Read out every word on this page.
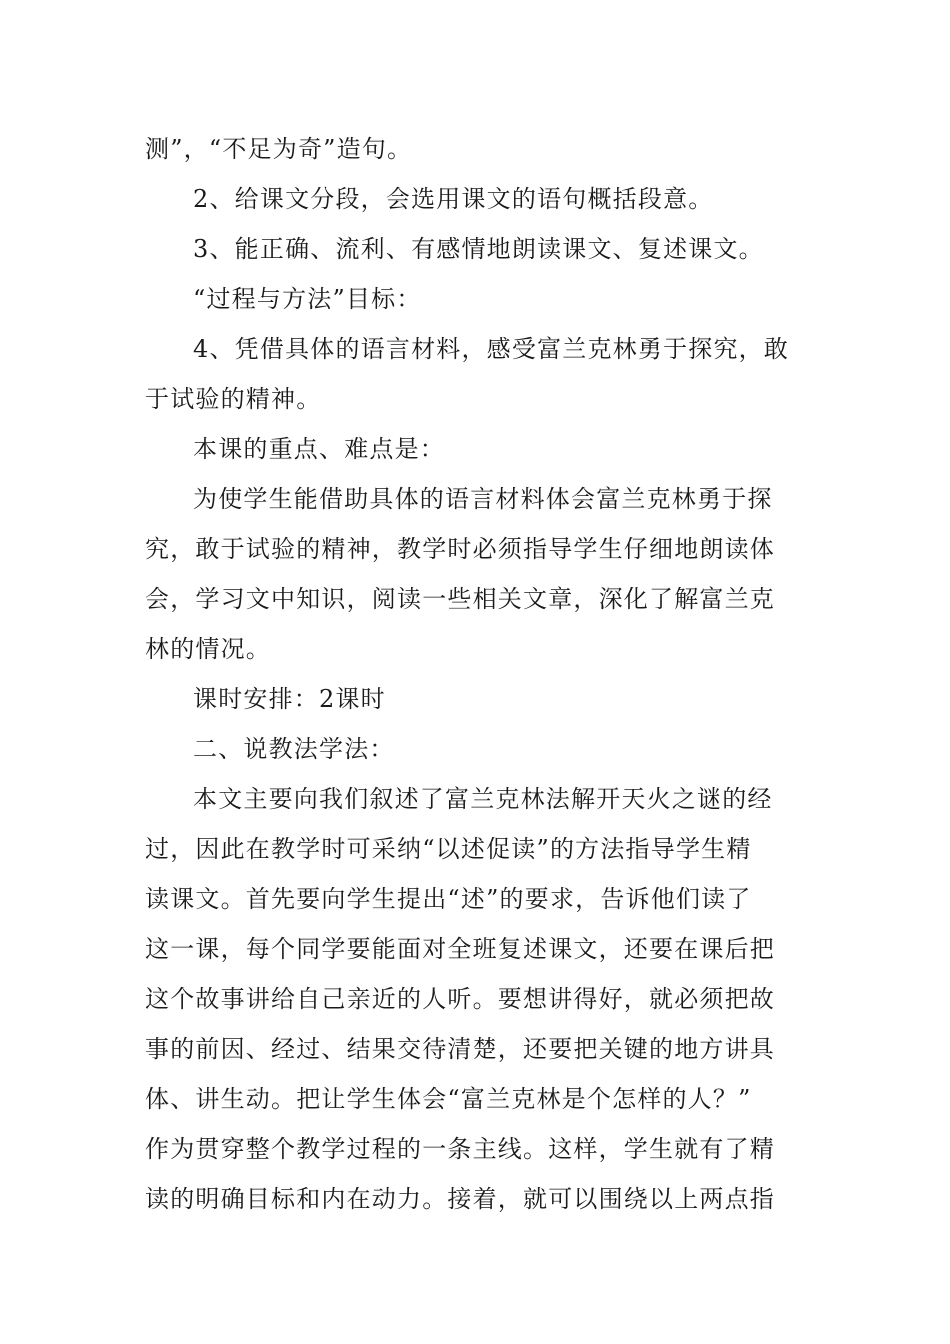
测”，“不足为奇”造句。
2、给课文分段，会选用课文的语句概括段意。
3、能正确、流利、有感情地朗读课文、复述课文。
“过程与方法”目标：
4、凭借具体的语言材料，感受富兰克林勇于探究，敢
于试验的精神。
本课的重点、难点是：
为使学生能借助具体的语言材料体会富兰克林勇于探
究，敢于试验的精神，教学时必须指导学生仔细地朗读体
会，学习文中知识，阅读一些相关文章，深化了解富兰克
林的情况。
课时安排：2课时
二、说教法学法：
本文主要向我们叙述了富兰克林法解开天火之谜的经
过，因此在教学时可采纳“以述促读”的方法指导学生精
读课文。首先要向学生提出“述”的要求，告诉他们读了
这一课，每个同学要能面对全班复述课文，还要在课后把
这个故事讲给自己亲近的人听。要想讲得好，就必须把故
事的前因、经过、结果交待清楚，还要把关键的地方讲具
体、讲生动。把让学生体会“富兰克林是个怎样的人？”
作为贯穿整个教学过程的一条主线。这样，学生就有了精
读的明确目标和内在动力。接着，就可以围绕以上两点指
